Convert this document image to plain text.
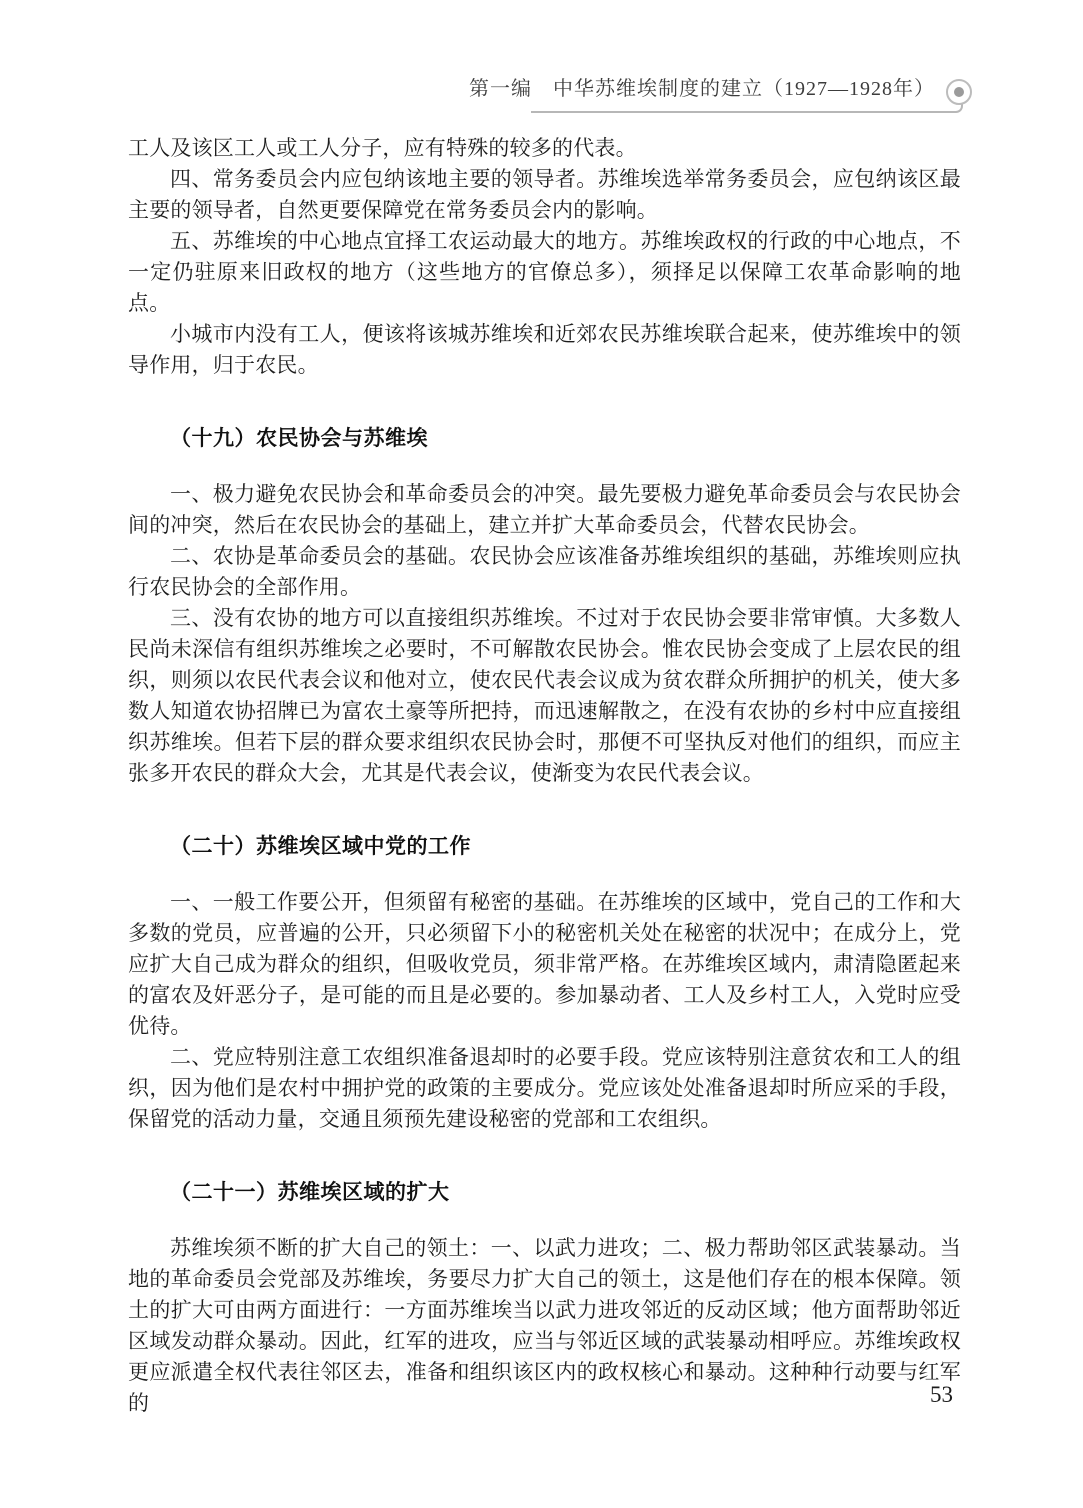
第一编　中华苏维埃制度的建立（1927—1928年）
工人及该区工人或工人分子，应有特殊的较多的代表。
四、常务委员会内应包纳该地主要的领导者。苏维埃选举常务委员会，应包纳该区最主要的领导者，自然更要保障党在常务委员会内的影响。
五、苏维埃的中心地点宜择工农运动最大的地方。苏维埃政权的行政的中心地点，不一定仍驻原来旧政权的地方（这些地方的官僚总多），须择足以保障工农革命影响的地点。
小城市内没有工人，便该将该城苏维埃和近郊农民苏维埃联合起来，使苏维埃中的领导作用，归于农民。
（十九）农民协会与苏维埃
一、极力避免农民协会和革命委员会的冲突。最先要极力避免革命委员会与农民协会间的冲突，然后在农民协会的基础上，建立并扩大革命委员会，代替农民协会。
二、农协是革命委员会的基础。农民协会应该准备苏维埃组织的基础，苏维埃则应执行农民协会的全部作用。
三、没有农协的地方可以直接组织苏维埃。不过对于农民协会要非常审慎。大多数人民尚未深信有组织苏维埃之必要时，不可解散农民协会。惟农民协会变成了上层农民的组织，则须以农民代表会议和他对立，使农民代表会议成为贫农群众所拥护的机关，使大多数人知道农协招牌已为富农土豪等所把持，而迅速解散之，在没有农协的乡村中应直接组织苏维埃。但若下层的群众要求组织农民协会时，那便不可坚执反对他们的组织，而应主张多开农民的群众大会，尤其是代表会议，使渐变为农民代表会议。
（二十）苏维埃区域中党的工作
一、一般工作要公开，但须留有秘密的基础。在苏维埃的区域中，党自己的工作和大多数的党员，应普遍的公开，只必须留下小的秘密机关处在秘密的状况中；在成分上，党应扩大自己成为群众的组织，但吸收党员，须非常严格。在苏维埃区域内，肃清隐匿起来的富农及奸恶分子，是可能的而且是必要的。参加暴动者、工人及乡村工人，入党时应受优待。
二、党应特别注意工农组织准备退却时的必要手段。党应该特别注意贫农和工人的组织，因为他们是农村中拥护党的政策的主要成分。党应该处处准备退却时所应采的手段，保留党的活动力量，交通且须预先建设秘密的党部和工农组织。
（二十一）苏维埃区域的扩大
苏维埃须不断的扩大自己的领土：一、以武力进攻；二、极力帮助邻区武装暴动。当地的革命委员会党部及苏维埃，务要尽力扩大自己的领土，这是他们存在的根本保障。领土的扩大可由两方面进行：一方面苏维埃当以武力进攻邻近的反动区域；他方面帮助邻近区域发动群众暴动。因此，红军的进攻，应当与邻近区域的武装暴动相呼应。苏维埃政权更应派遣全权代表往邻区去，准备和组织该区内的政权核心和暴动。这种种行动要与红军的	53
